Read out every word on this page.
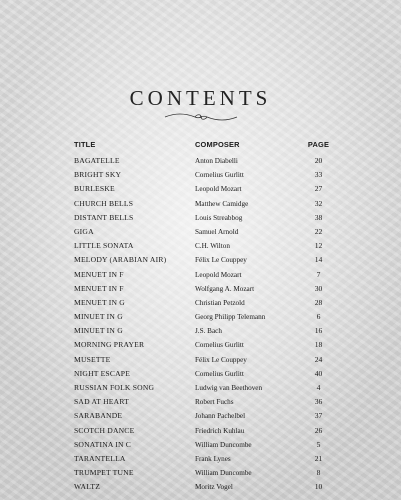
CONTENTS
TITLE	COMPOSER	PAGE
BAGATELLE	Anton Diabelli	20
BRIGHT SKY	Cornelius Gurlitt	33
BURLESKE	Leopold Mozart	27
CHURCH BELLS	Matthew Camidge	32
DISTANT BELLS	Louis Streabbog	38
GIGA	Samuel Arnold	22
LITTLE SONATA	C.H. Wilton	12
MELODY (ARABIAN AIR)	Félix Le Couppey	14
MENUET IN F	Leopold Mozart	7
MENUET IN F	Wolfgang A. Mozart	30
MENUET IN G	Christian Petzold	28
MINUET IN G	Georg Philipp Telemann	6
MINUET IN G	J.S. Bach	16
MORNING PRAYER	Cornelius Gurlitt	18
MUSETTE	Félix Le Couppey	24
NIGHT ESCAPE	Cornelius Gurlitt	40
RUSSIAN FOLK SONG	Ludwig van Beethoven	4
SAD AT HEART	Robert Fuchs	36
SARABANDE	Johann Pachelbel	37
SCOTCH DANCE	Friedrich Kuhlau	26
SONATINA IN C	William Duncombe	5
TARANTELLA	Frank Lynes	21
TRUMPET TUNE	William Duncombe	8
WALTZ	Moritz Vogel	10
